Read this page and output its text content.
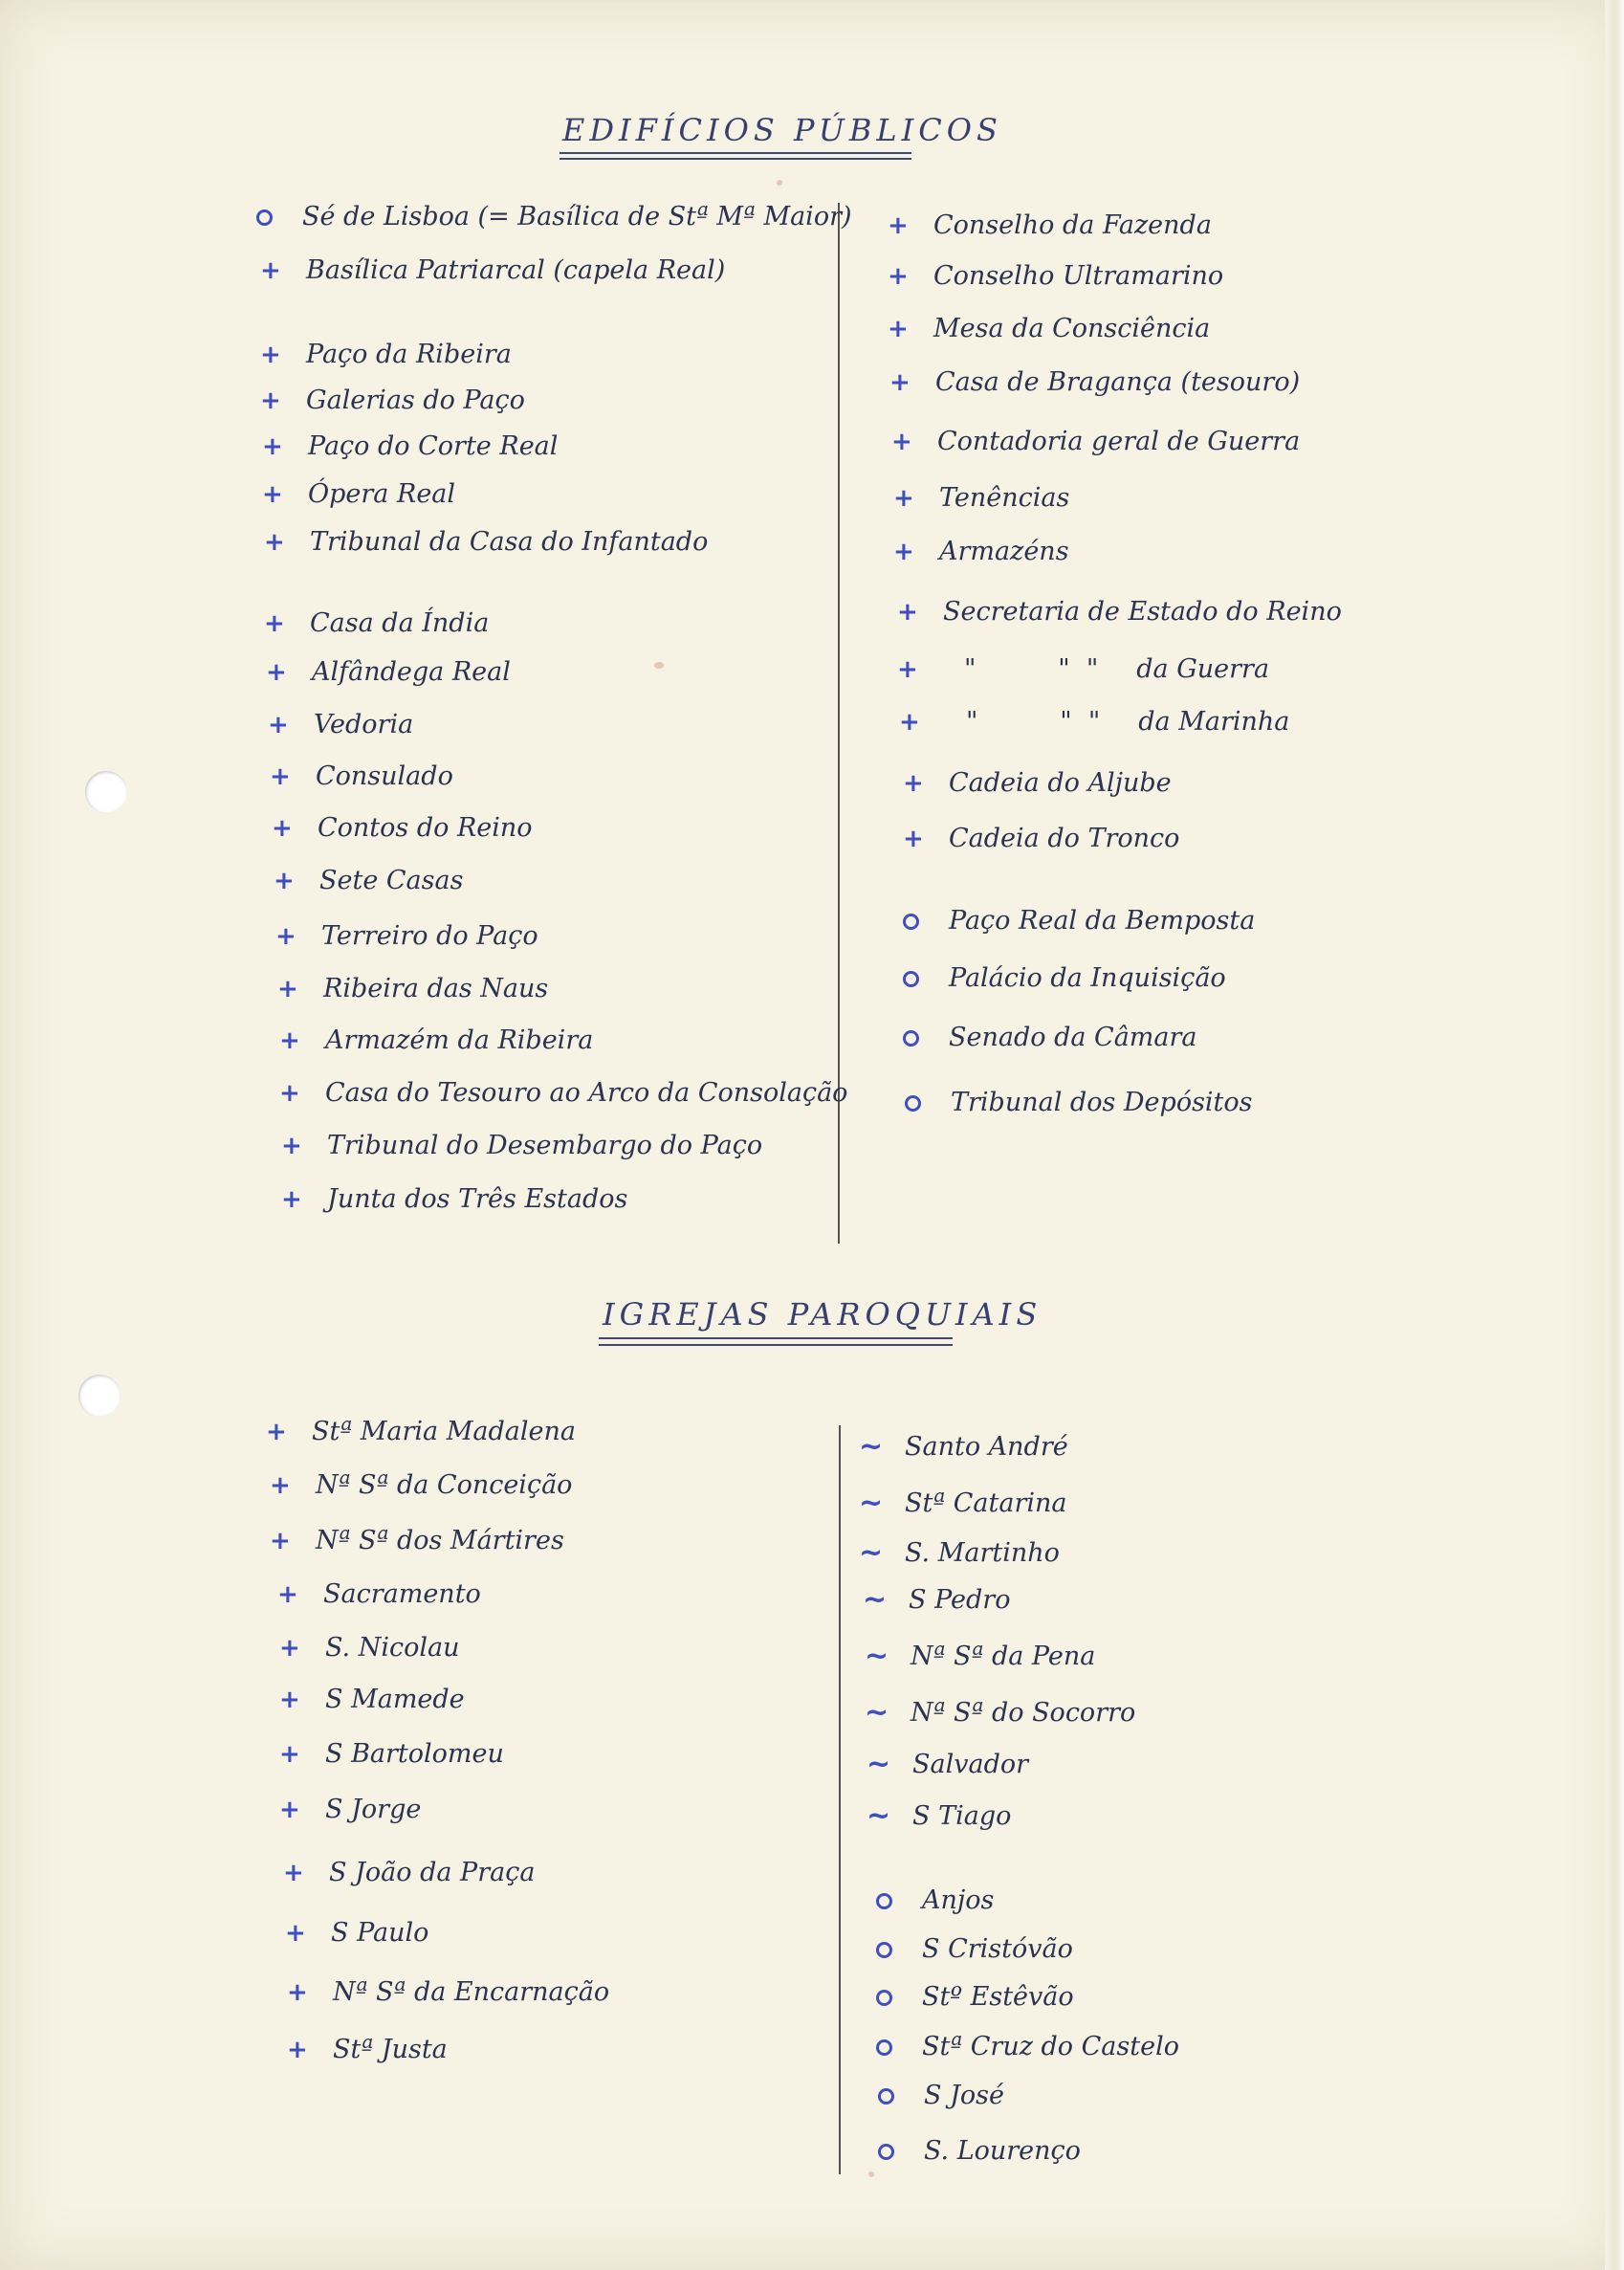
EDIFÍCIOS PÚBLICOS
Sé de Lisboa (= Basílica de Stª Mª Maior)
+ Basílica Patriarcal (capela Real)
+ Paço da Ribeira
+ Galerias do Paço
+ Paço do Corte Real
+ Ópera Real
+ Tribunal da Casa do Infantado
+ Casa da Índia
+ Alfândega Real
+ Vedoria
+ Consulado
+ Contos do Reino
+ Sete Casas
+ Terreiro do Paço
+ Ribeira das Naus
+ Armazém da Ribeira
+ Casa do Tesouro ao Arco da Consolação
+ Tribunal do Desembargo do Paço
+ Junta dos Três Estados
+ Conselho da Fazenda
+ Conselho Ultramarino
+ Mesa da Consciência
+ Casa de Bragança (tesouro)
+ Contadoria geral de Guerra
+ Tenências
+ Armazéns
+ Secretaria de Estado do Reino
+	"          "  " da Guerra
+	"          "  " da Marinha
+ Cadeia do Aljube
+ Cadeia do Tronco
Paço Real da Bemposta
Palácio da Inquisição
Senado da Câmara
Tribunal dos Depósitos
IGREJAS PAROQUIAIS
+ Stª Maria Madalena
+ Nª Sª da Conceição
+ Nª Sª dos Mártires
+ Sacramento
+ S. Nicolau
+ S Mamede
+ S Bartolomeu
+ S Jorge
+ S João da Praça
+ S Paulo
+ Nª Sª da Encarnação
+ Stª Justa
~ Santo André
~ Stª Catarina
~ S. Martinho
~ S Pedro
~ Nª Sª da Pena
~ Nª Sª do Socorro
~ Salvador
~ S Tiago
Anjos
S Cristóvão
Stº Estêvão
Stª Cruz do Castelo
S José
S. Lourenço
